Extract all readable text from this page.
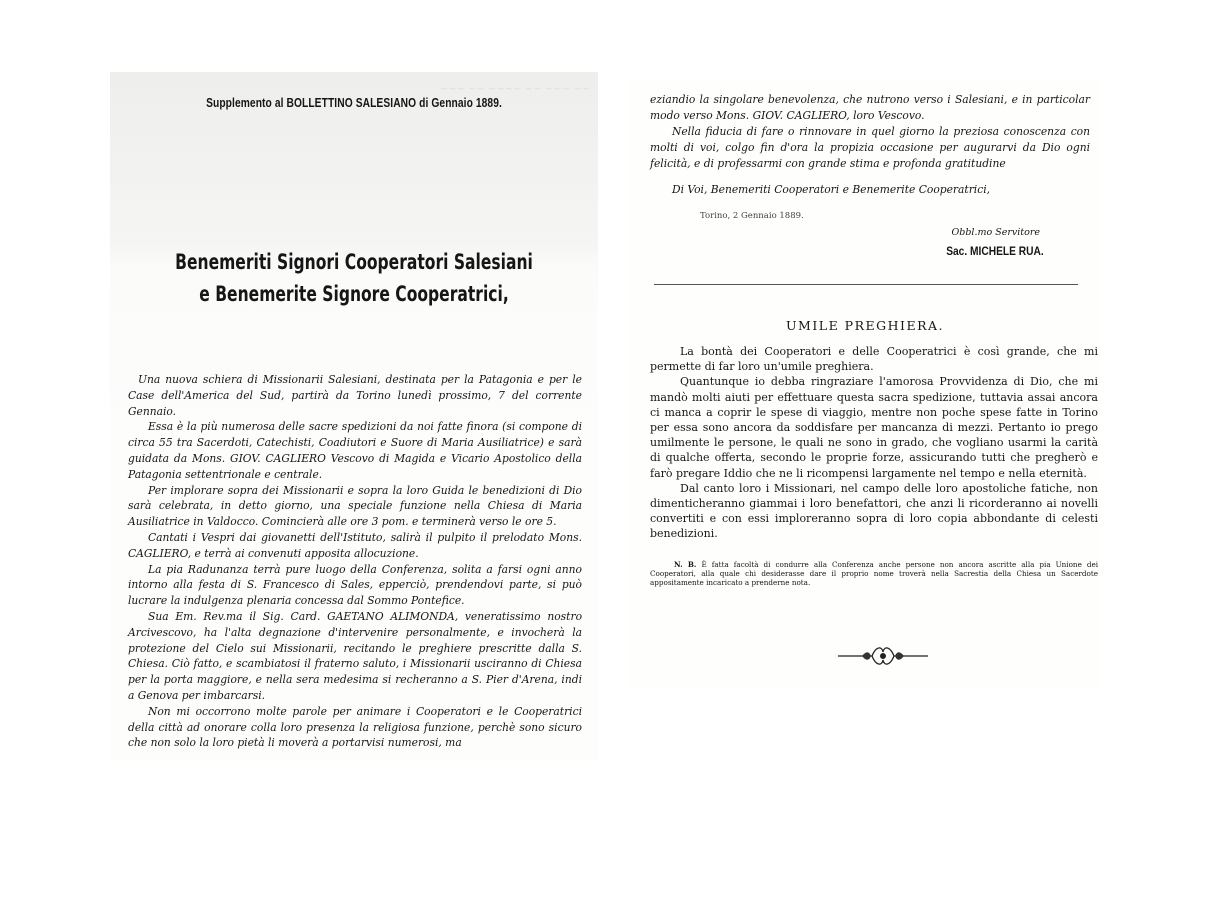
~~~ ~~ ~~~~ ~~ ~~~ ~~
Supplemento al BOLLETTINO SALESIANO di Gennaio 1889.
Benemeriti Signori Cooperatori Salesiani
e Benemerite Signore Cooperatrici,

Una nuova schiera di Missionarii Salesiani, destinata per la Patagonia e per le Case dell'America del Sud, partirà da Torino lunedì prossimo, 7 del corrente Gennaio.

Essa è la più numerosa delle sacre spedizioni da noi fatte finora (si compone di circa 55 tra Sacerdoti, Catechisti, Coadiutori e Suore di Maria Ausiliatrice) e sarà guidata da Mons. GIOV. CAGLIERO Vescovo di Magida e Vicario Apostolico della Patagonia settentrionale e centrale.

Per implorare sopra dei Missionarii e sopra la loro Guida le benedizioni di Dio sarà celebrata, in detto giorno, una speciale funzione nella Chiesa di Maria Ausiliatrice in Valdocco. Comincierà alle ore 3 pom. e terminerà verso le ore 5.

Cantati i Vespri dai giovanetti dell'Istituto, salirà il pulpito il prelodato Mons. CAGLIERO, e terrà ai convenuti apposita allocuzione.

La pia Radunanza terrà pure luogo della Conferenza, solita a farsi ogni anno intorno alla festa di S. Francesco di Sales, epperciò, prendendovi parte, si può lucrare la indulgenza plenaria concessa dal Sommo Pontefice.

Sua Em. Rev.ma il Sig. Card. GAETANO ALIMONDA, veneratissimo nostro Arcivescovo, ha l'alta degnazione d'intervenire personalmente, e invocherà la protezione del Cielo sui Missionarii, recitando le preghiere prescritte dalla S. Chiesa. Ciò fatto, e scambiatosi il fraterno saluto, i Missionarii usciranno di Chiesa per la porta maggiore, e nella sera medesima si recheranno a S. Pier d'Arena, indi a Genova per imbarcarsi.

Non mi occorrono molte parole per animare i Cooperatori e le Cooperatrici della città ad onorare colla loro presenza la religiosa funzione, perchè sono sicuro che non solo la loro pietà li moverà a portarvisi numerosi, ma

eziandio la singolare benevolenza, che nutrono verso i Salesiani, e in particolar modo verso Mons. GIOV. CAGLIERO, loro Vescovo.

Nella fiducia di fare o rinnovare in quel giorno la preziosa conoscenza con molti di voi, colgo fin d'ora la propizia occasione per augurarvi da Dio ogni felicità, e di professarmi con grande stima e profonda gratitudine

Di Voi, Benemeriti Cooperatori e Benemerite Cooperatrici,

Torino, 2 Gennaio 1889.
Obbl.mo Servitore
Sac. MICHELE RUA.
UMILE PREGHIERA.

La bontà dei Cooperatori e delle Cooperatrici è così grande, che mi permette di far loro un'umile preghiera.

Quantunque io debba ringraziare l'amorosa Provvidenza di Dio, che mi mandò molti aiuti per effettuare questa sacra spedizione, tuttavia assai ancora ci manca a coprir le spese di viaggio, mentre non poche spese fatte in Torino per essa sono ancora da soddisfare per mancanza di mezzi. Pertanto io prego umilmente le persone, le quali ne sono in grado, che vogliano usarmi la carità di qualche offerta, secondo le proprie forze, assicurando tutti che pregherò e farò pregare Iddio che ne li ricompensi largamente nel tempo e nella eternità.

Dal canto loro i Missionari, nel campo delle loro apostoliche fatiche, non dimenticheranno giammai i loro benefattori, che anzi li ricorderanno ai novelli convertiti e con essi imploreranno sopra di loro copia abbondante di celesti benedizioni.

N. B. È fatta facoltà di condurre alla Conferenza anche persone non ancora ascritte alla pia Unione dei Cooperatori, alla quale chi desiderasse dare il proprio nome troverà nella Sacrestia della Chiesa un Sacerdote appositamente incaricato a prenderne nota.
